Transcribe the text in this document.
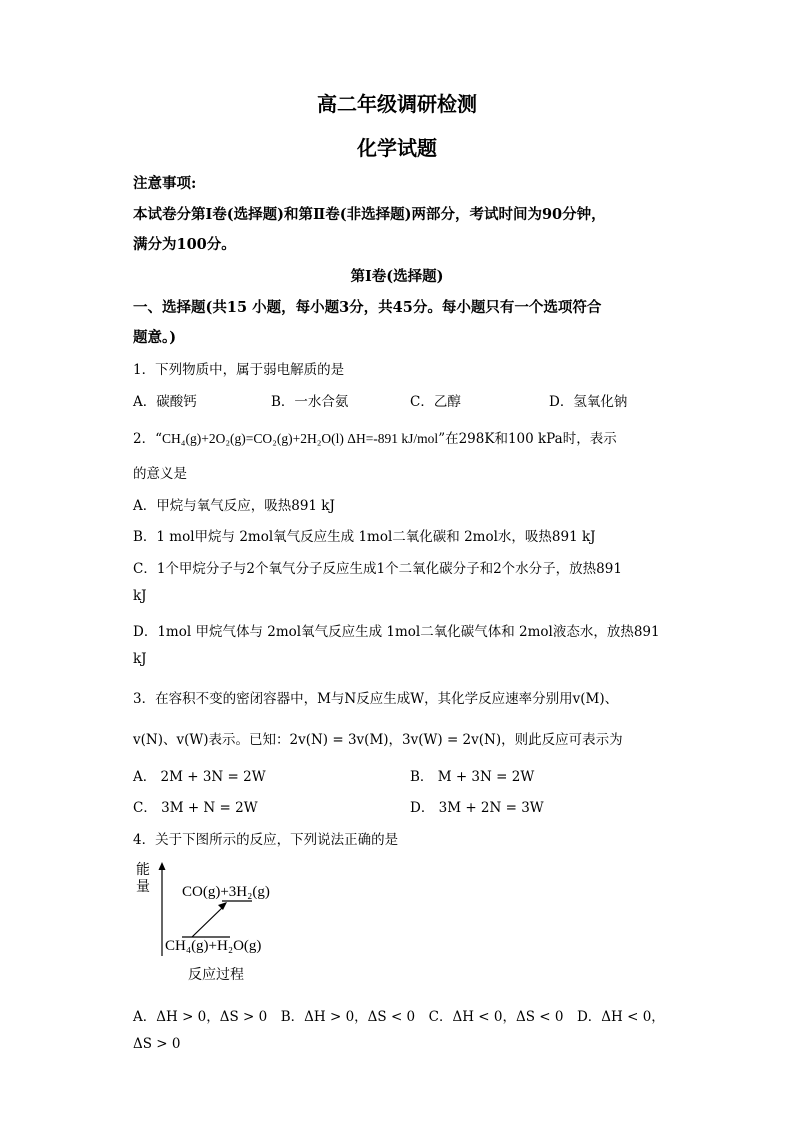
高二年级调研检测
化学试题
注意事项:
本试卷分第Ⅰ卷(选择题)和第Ⅱ卷(非选择题)两部分，考试时间为90分钟，
满分为100分。
第Ⅰ卷(选择题)
一、选择题(共15 小题，每小题3分，共45分。每小题只有一个选项符合
题意。)
1．下列物质中，属于弱电解质的是
A．碳酸钙	B．一水合氨	C．乙醇	D．氢氧化钠
2．“CH₄(g)+2O₂(g)=CO₂(g)+2H₂O(l) ΔH=-891 kJ/mol”在298K和100 kPa时，表示
的意义是
A．甲烷与氧气反应，吸热891 kJ
B．1 mol甲烷与 2mol氧气反应生成 1mol二氧化碳和 2mol水，吸热891 kJ
C．1个甲烷分子与2个氧气分子反应生成1个二氧化碳分子和2个水分子，放热891
kJ
D．1mol 甲烷气体与 2mol氧气反应生成 1mol二氧化碳气体和 2mol液态水，放热891
kJ
3．在容积不变的密闭容器中，M与N反应生成W，其化学反应速率分别用v(M)、
v(N)、v(W)表示。已知：2v(N) = 3v(M)，3v(W) = 2v(N)，则此反应可表示为
A． 2M + 3N = 2W	B． M + 3N = 2W
C． 3M + N = 2W	D． 3M + 2N = 3W
4．关于下图所示的反应，下列说法正确的是
能量 CO(g)+3H₂(g)
CH₄(g)+H₂O(g)
反应过程
A．ΔH > 0，ΔS > 0　B．ΔH > 0，ΔS < 0　C．ΔH < 0，ΔS < 0　D．ΔH < 0，
ΔS > 0
